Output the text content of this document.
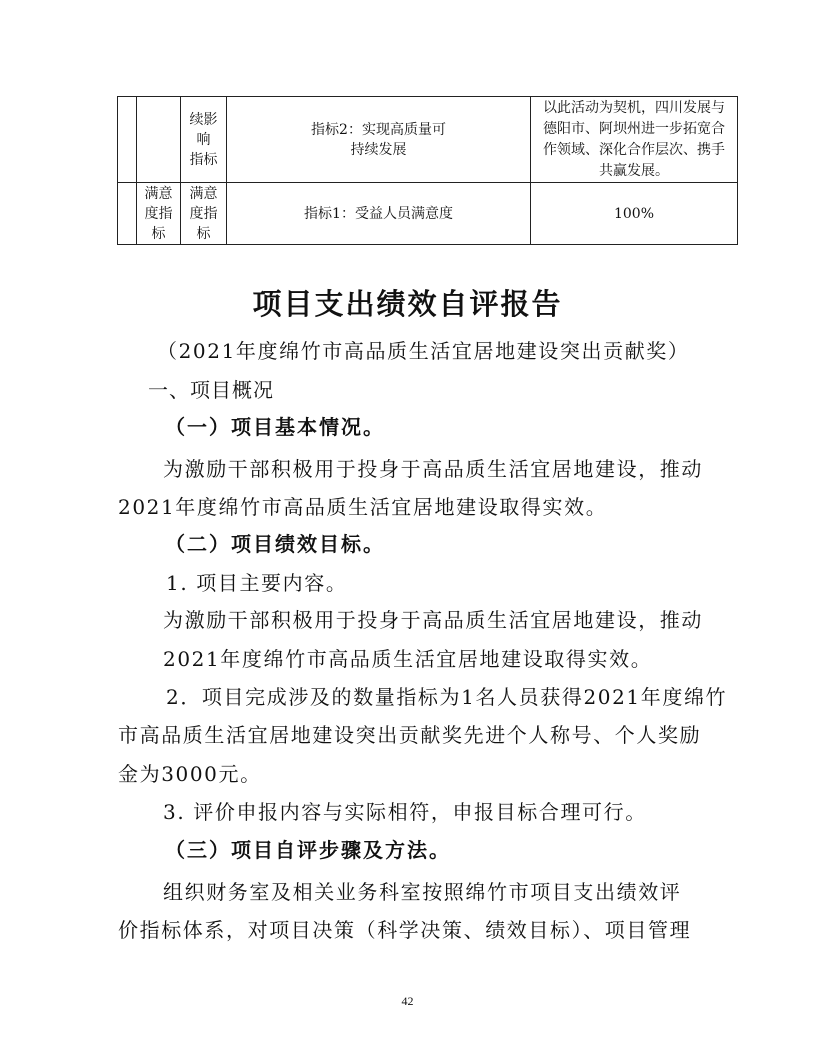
		续影
响
指标	指标2：实现高质量可
持续发展	以此活动为契机，四川发展与
德阳市、阿坝州进一步拓宽合
作领域、深化合作层次、携手
共赢发展。
	满意
度指
标	满意
度指
标	指标1：受益人员满意度	100%
项目支出绩效自评报告
（2021年度绵竹市高品质生活宜居地建设突出贡献奖）
一、项目概况
（一）项目基本情况。
为激励干部积极用于投身于高品质生活宜居地建设，推动
2021年度绵竹市高品质生活宜居地建设取得实效。
（二）项目绩效目标。
1. 项目主要内容。
为激励干部积极用于投身于高品质生活宜居地建设，推动
2021年度绵竹市高品质生活宜居地建设取得实效。
2．项目完成涉及的数量指标为1名人员获得2021年度绵竹
市高品质生活宜居地建设突出贡献奖先进个人称号、个人奖励
金为3000元。
3. 评价申报内容与实际相符，申报目标合理可行。
（三）项目自评步骤及方法。
组织财务室及相关业务科室按照绵竹市项目支出绩效评
价指标体系，对项目决策（科学决策、绩效目标）、项目管理
42
